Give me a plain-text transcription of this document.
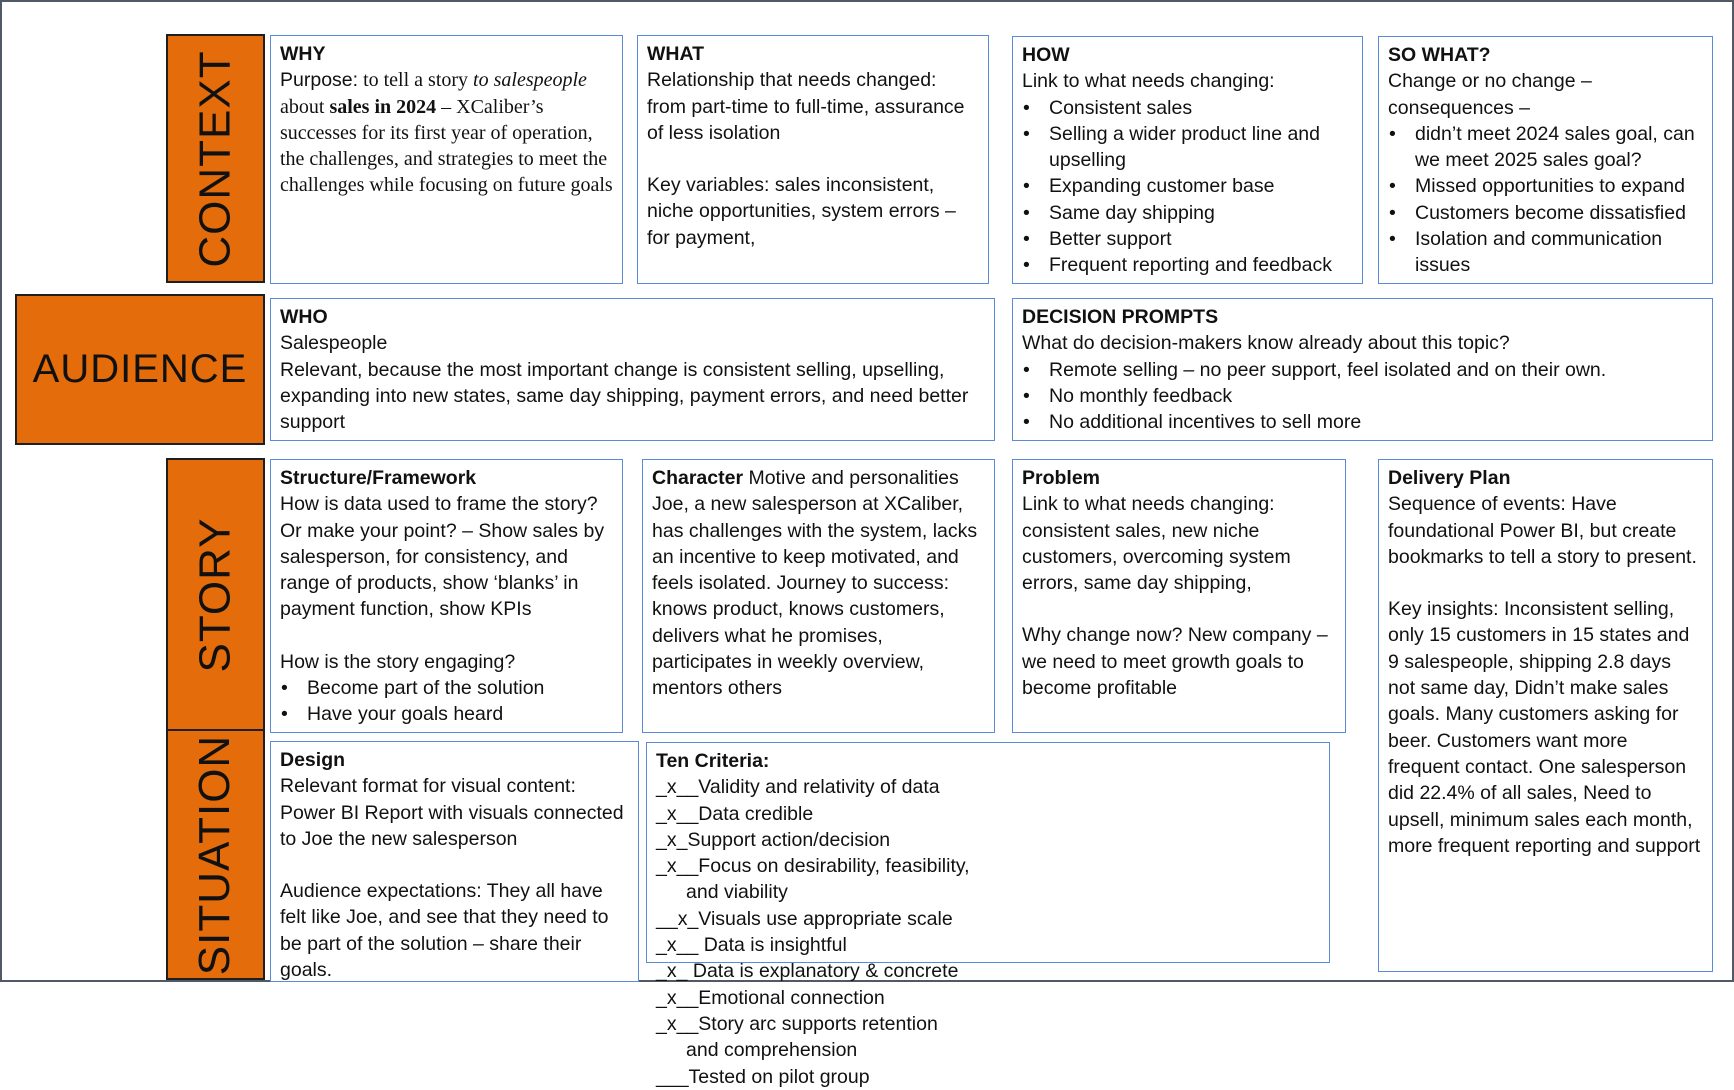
CONTEXT
AUDIENCE
STORY
SITUATION
WHY

Purpose: to tell a story to salespeople about sales in 2024 – XCaliber’s successes for its first year of operation, the challenges, and strategies to meet the challenges while focusing on future goals

WHAT

Relationship that needs changed: from part-time to full-time, assurance of less isolation

Key variables: sales inconsistent, niche opportunities, system errors – for payment,

HOW

Link to what needs changing:

• Consistent sales
• Selling a wider product line and upselling
• Expanding customer base
• Same day shipping
• Better support
• Frequent reporting and feedback
SO WHAT?

Change or no change – consequences –

• didn’t meet 2024 sales goal, can we meet 2025 sales goal?
• Missed opportunities to expand
• Customers become dissatisfied
• Isolation and communication issues
WHO

Salespeople

Relevant, because the most important change is consistent selling, upselling, expanding into new states, same day shipping, payment errors, and need better support

DECISION PROMPTS

What do decision-makers know already about this topic?

• Remote selling – no peer support, feel isolated and on their own.
• No monthly feedback
• No additional incentives to sell more
Structure/Framework

How is data used to frame the story? Or make your point? – Show sales by salesperson, for consistency, and range of products, show ‘blanks’ in payment function, show KPIs

How is the story engaging?

• Become part of the solution
• Have your goals heard

Character Motive and personalities Joe, a new salesperson at XCaliber, has challenges with the system, lacks an incentive to keep motivated, and feels isolated. Journey to success: knows product, knows customers, delivers what he promises, participates in weekly overview, mentors others

Problem

Link to what needs changing: consistent sales, new niche customers, overcoming system errors, same day shipping,

Why change now? New company – we need to meet growth goals to become profitable

Delivery Plan

Sequence of events: Have foundational Power BI, but create bookmarks to tell a story to present.

Key insights: Inconsistent selling, only 15 customers in 15 states and 9 salespeople, shipping 2.8 days not same day, Didn’t make sales goals. Many customers asking for beer. Customers want more frequent contact. One salesperson did 22.4% of all sales, Need to upsell, minimum sales each month, more frequent reporting and support

Design

Relevant format for visual content: Power BI Report with visuals connected to Joe the new salesperson

Audience expectations: They all have felt like Joe, and see that they need to be part of the solution – share their goals.

Ten Criteria:

_x__Validity and relativity of data

_x__Data credible

_x_Support action/decision

_x__Focus on desirability, feasibility,

and viability

__x_Visuals use appropriate scale

_x__ Data is insightful

_x_ Data is explanatory & concrete

_x__Emotional connection

_x__Story arc supports retention

and comprehension

___Tested on pilot group
